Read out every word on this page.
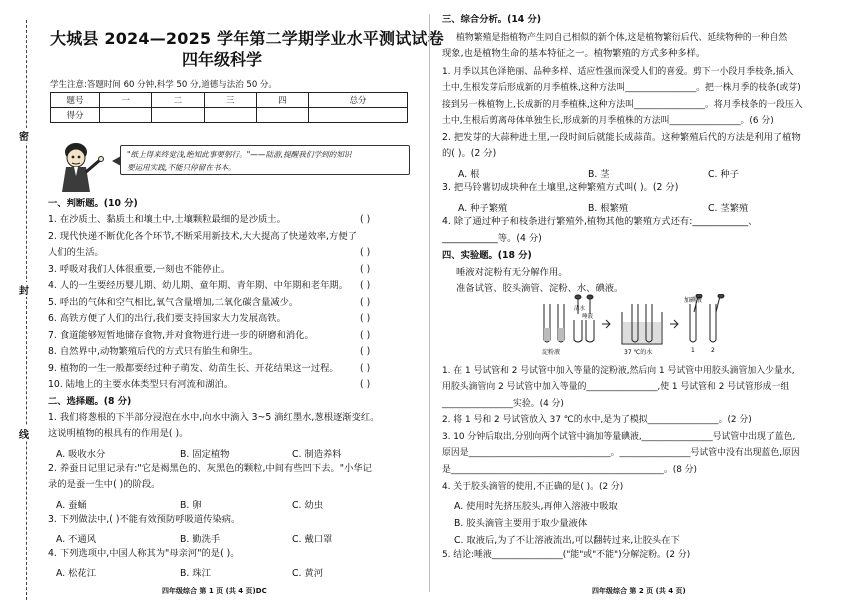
密
封
线
大城县 2024—2025 学年第二学期学业水平测试试卷
四年级科学
学生注意:答题时间 60 分钟,科学 50 分,道德与法治 50 分。
题号	一	二	三	四	总分
得分					
"纸上得来终觉浅,绝知此事要躬行。"——陆游,提醒我们学到的知识
要运用实践,不能只停留在书本。
一、判断题。(10 分)
1. 在沙质土、黏质土和壤土中,土壤颗粒最细的是沙质土。	( )
2. 现代快递不断优化各个环节,不断采用新技术,大大提高了快递效率,方便了
人们的生活。	( )
3. 呼吸对我们人体很重要,一刻也不能停止。	( )
4. 人的一生要经历婴儿期、幼儿期、童年期、青年期、中年期和老年期。 ( )
5. 呼出的气体和空气相比,氧气含量增加,二氧化碳含量减少。	( )
6. 高铁方便了人们的出行,我们要支持国家大力发展高铁。	( )
7. 食道能够短暂地储存食物,并对食物进行进一步的研磨和消化。	( )
8. 自然界中,动物繁殖后代的方式只有胎生和卵生。	( )
9. 植物的一生一般都要经过种子萌发、幼苗生长、开花结果这一过程。 ( )
10. 陆地上的主要水体类型只有河流和湖泊。	( )
二、选择题。(8 分)
1. 我们将葱根的下半部分浸泡在水中,向水中滴入 3~5 滴红墨水,葱根逐渐变红。
这说明植物的根具有的作用是( )。
A. 吸收水分	B. 固定植物	C. 制造养料
2. 养蚕日记里记录有:"它是褐黑色的、灰黑色的颗粒,中间有些凹下去。"小华记
录的是蚕一生中( )的阶段。
A. 蚕蛹	B. 卵	C. 幼虫
3. 下列做法中,( )不能有效预防呼吸道传染病。
A. 不通风	B. 勤洗手	C. 戴口罩
4. 下列选项中,中国人称其为"母亲河"的是( )。
A. 松花江	B. 珠江	C. 黄河
四年级综合 第 1 页 (共 4 页)DC
三、综合分析。(14 分)
植物繁殖是指植物产生同自己相似的新个体,这是植物繁衍后代、延续物种的一种自然
现象,也是植物生命的基本特征之一。植物繁殖的方式多种多样。
1. 月季以其色泽艳丽、品种多样、适应性强而深受人们的喜爱。剪下一小段月季枝条,插入
土中,生根发芽后形成新的月季植株,这种方法叫________________。把一株月季的枝条(或芽)
接到另一株植物上,长成新的月季植株,这种方法叫________________。将月季枝条的一段压入
土中,生根后剪离母体单独生长,形成新的月季植株的方法叫________________。(6 分)
2. 把发芽的大蒜种进土里,一段时间后就能长成蒜苗。这种繁殖后代的方法是利用了植物
的( )。(2 分)
A. 根	B. 茎	C. 种子
3. 把马铃薯切成块种在土壤里,这种繁殖方式叫( )。(2 分)
A. 种子繁殖	B. 根繁殖	C. 茎繁殖
4. 除了通过种子和枝条进行繁殖外,植物其他的繁殖方式还有:____________、
____________等。(4 分)
四、实验题。(18 分)
唾液对淀粉有无分解作用。
准备试管、胶头滴管、淀粉、水、碘液。
淀粉液
清水
唾液
37 ℃的水
加碘液
1	2
1. 在 1 号试管和 2 号试管中加入等量的淀粉液,然后向 1 号试管中用胶头滴管加入少量水,
用胶头滴管向 2 号试管中加入等量的________________,使 1 号试管和 2 号试管形成一组
________________实验。(4 分)
2. 将 1 号和 2 号试管放入 37 ℃的水中,是为了模拟________________。(2 分)
3. 10 分钟后取出,分别向两个试管中滴加等量碘液,________________号试管中出现了蓝色,
原因是________________________________。________________号试管中没有出现蓝色,原因
是________________________________________________。(8 分)
4. 关于胶头滴管的使用,不正确的是( )。(2 分)
A. 使用时先挤压胶头,再伸入溶液中吸取
B. 胶头滴管主要用于取少量液体
C. 取液后,为了不让溶液流出,可以翻转过来,让胶头在下
5. 结论:唾液________________("能"或"不能")分解淀粉。(2 分)
四年级综合 第 2 页 (共 4 页)
